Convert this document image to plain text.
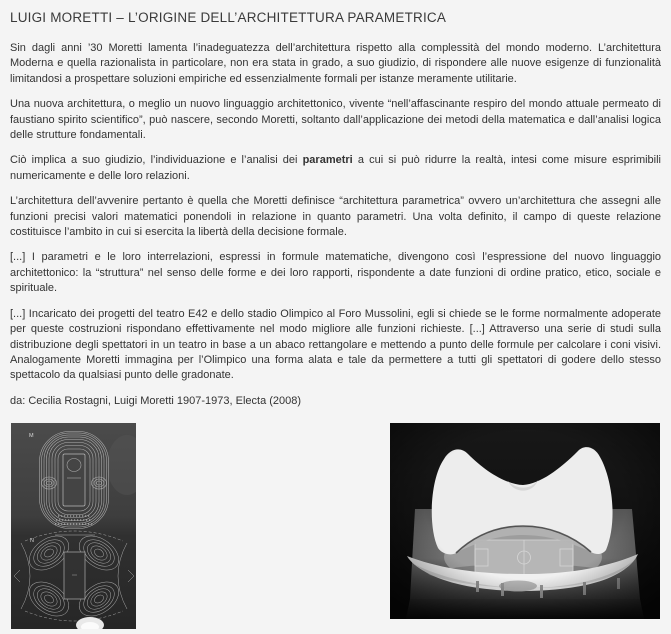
LUIGI MORETTI – L’ORIGINE DELL’ARCHITETTURA PARAMETRICA

Sin dagli anni ’30 Moretti lamenta l’inadeguatezza dell’architettura rispetto alla complessità del mondo moderno. L’architettura Moderna e quella razionalista in particolare, non era stata in grado, a suo giudizio, di rispondere alle nuove esigenze di funzionalità limitandosi a prospettare soluzioni empiriche ed essenzialmente formali per istanze meramente utilitarie.

Una nuova architettura, o meglio un nuovo linguaggio architettonico, vivente “nell’affascinante respiro del mondo attuale permeato di faustiano spirito scientifico”, può nascere, secondo Moretti, soltanto dall’applicazione dei metodi della matematica e dall’analisi logica delle strutture fondamentali.

Ciò implica a suo giudizio, l’individuazione e l’analisi dei parametri a cui si può ridurre la realtà, intesi come misure esprimibili numericamente e delle loro relazioni.

L’architettura dell’avvenire pertanto è quella che Moretti definisce “architettura parametrica” ovvero un’architettura che assegni alle funzioni precisi valori matematici ponendoli in relazione in quanto parametri. Una volta definito, il campo di queste relazione costituisce l’ambito in cui si esercita la libertà della decisione formale.

[...] I parametri e le loro interrelazioni, espressi in formule matematiche, divengono così l’espressione del nuovo linguaggio architettonico: la “struttura” nel senso delle forme e dei loro rapporti, rispondente a date funzioni di ordine pratico, etico, sociale e spirituale.

[...] Incaricato dei progetti del teatro E42 e dello stadio Olimpico al Foro Mussolini, egli si chiede se le forme normalmente adoperate per queste costruzioni rispondano effettivamente nel modo migliore alle funzioni richieste. [...] Attraverso una serie di studi sulla distribuzione degli spettatori in un teatro in base a un abaco rettangolare e mettendo a punto delle formule per calcolare i coni visivi. Analogamente Moretti immagina per l’Olimpico una forma alata e tale da permettere a tutti gli spettatori di godere dello stesso spettacolo da qualsiasi punto delle gradonate.

da: Cecilia Rostagni, Luigi Moretti 1907-1973, Electa (2008)

M
N
